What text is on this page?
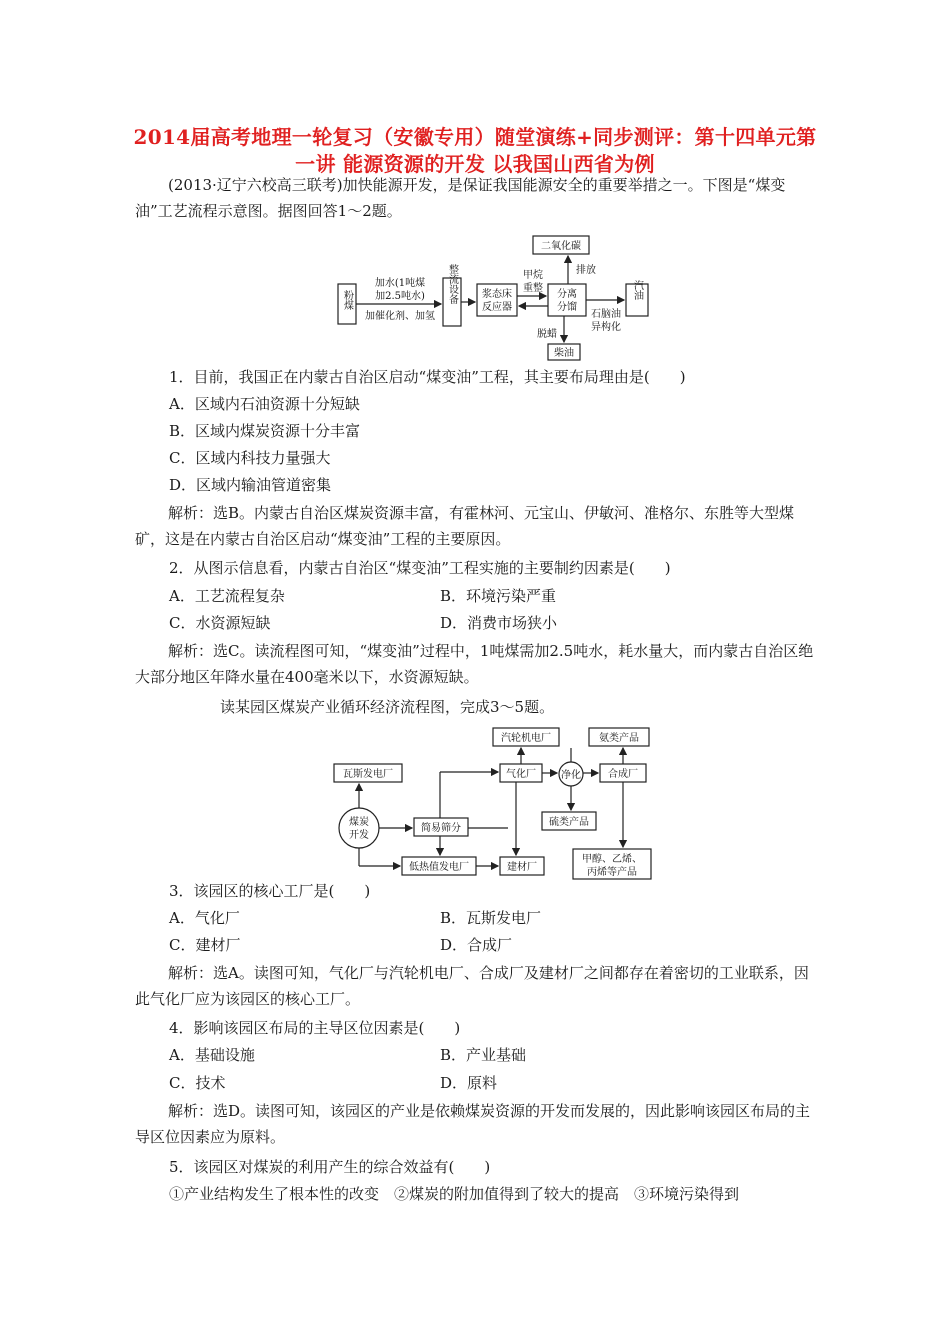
2014届高考地理一轮复习（安徽专用）随堂演练+同步测评：第十四单元第一讲 能源资源的开发 以我国山西省为例
(2013·辽宁六校高三联考)加快能源开发，是保证我国能源安全的重要举措之一。下图是“煤变油”工艺流程示意图。据图回答1～2题。
粉煤
加水(1吨煤
加2.5吨水)
加催化剂、加氢
整流设备 浆态床
反应器
甲烷
重整
分离
分馏
二氧化碳
排放
石脑油
异构化
汽油
脱蜡
柴油
1．目前，我国正在内蒙古自治区启动“煤变油”工程，其主要布局理由是(　　)
A．区域内石油资源十分短缺
B．区域内煤炭资源十分丰富
C．区域内科技力量强大
D．区域内输油管道密集
解析：选B。内蒙古自治区煤炭资源丰富，有霍林河、元宝山、伊敏河、准格尔、东胜等大型煤矿，这是在内蒙古自治区启动“煤变油”工程的主要原因。
2．从图示信息看，内蒙古自治区“煤变油”工程实施的主要制约因素是(　　)
A．工艺流程复杂	B．环境污染严重
C．水资源短缺	D．消费市场狭小
解析：选C。读流程图可知，“煤变油”过程中，1吨煤需加2.5吨水，耗水量大，而内蒙古自治区绝大部分地区年降水量在400毫米以下，水资源短缺。
读某园区煤炭产业循环经济流程图，完成3～5题。
汽轮机电厂	氨类产品
瓦斯发电厂	气化厂	净化	合成厂
煤炭
开发
简易筛分
硫类产品
低热值发电厂	建材厂
甲醇、乙烯、
丙烯等产品
3．该园区的核心工厂是(　　)
A．气化厂	B．瓦斯发电厂
C．建材厂	D．合成厂
解析：选A。读图可知，气化厂与汽轮机电厂、合成厂及建材厂之间都存在着密切的工业联系，因此气化厂应为该园区的核心工厂。
4．影响该园区布局的主导区位因素是(　　)
A．基础设施	B．产业基础
C．技术	D．原料
解析：选D。读图可知，该园区的产业是依赖煤炭资源的开发而发展的，因此影响该园区布局的主导区位因素应为原料。
5．该园区对煤炭的利用产生的综合效益有(　　)
①产业结构发生了根本性的改变　②煤炭的附加值得到了较大的提高　③环境污染得到
